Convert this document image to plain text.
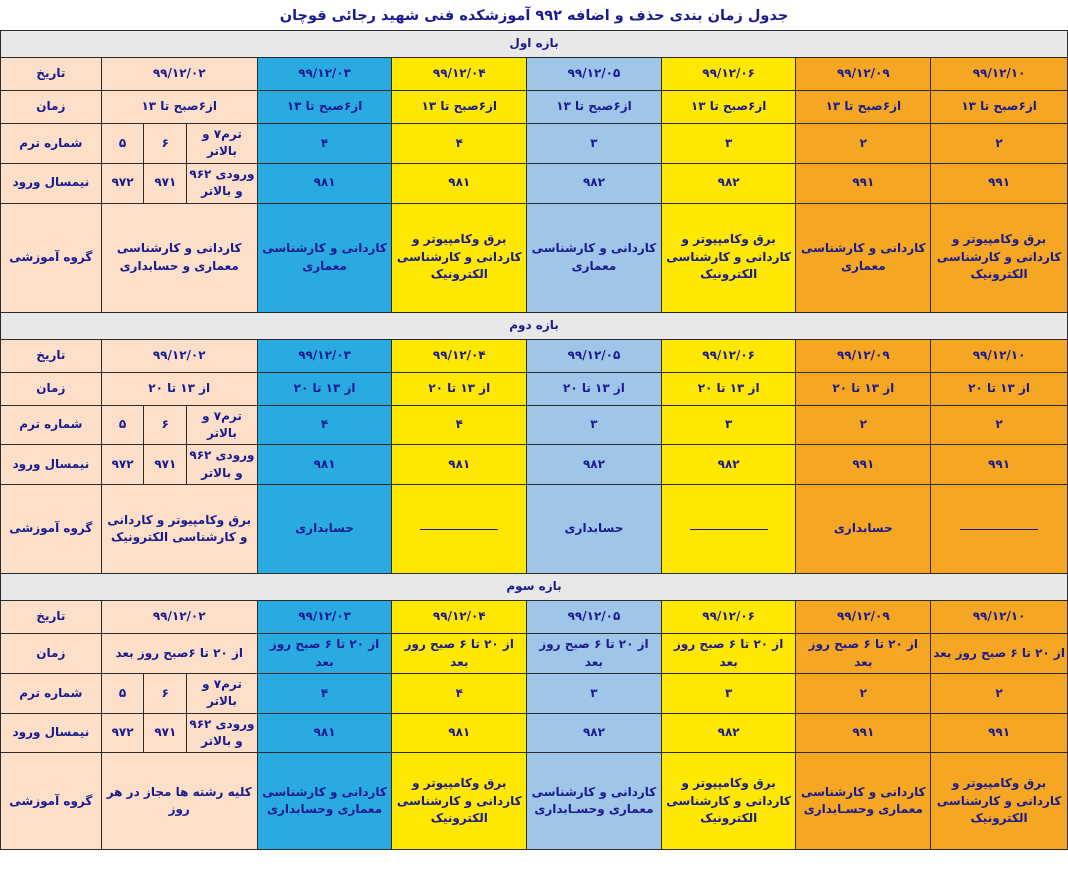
جدول زمان بندی حذف و اضافه ۹۹۲ آموزشکده فنی شهید رجائی قوچان
بازه اول									
۹۹/۱۲/۱۰	۹۹/۱۲/۰۹	۹۹/۱۲/۰۶	۹۹/۱۲/۰۵	۹۹/۱۲/۰۴	۹۹/۱۲/۰۳	۹۹/۱۲/۰۲			تاریخ
از۶صبح تا ۱۳	از۶صبح تا ۱۳	از۶صبح تا ۱۳	از۶صبح تا ۱۳	از۶صبح تا ۱۳	از۶صبح تا ۱۳	از۶صبح تا ۱۳			زمان
۲	۲	۳	۳	۴	۴	ترم۷ و بالاتر	۶	۵	شماره ترم
۹۹۱	۹۹۱	۹۸۲	۹۸۲	۹۸۱	۹۸۱	ورودی ۹۶۲ و بالاتر	۹۷۱	۹۷۲	نیمسال ورود
برق وکامپیوتر و کاردانی و کارشناسی الکترونیک	کاردانی و کارشناسی معماری	برق وکامپیوتر و کاردانی و کارشناسی الکترونیک	کاردانی و کارشناسی معماری	برق وکامپیوتر و کاردانی و کارشناسی الکترونیک	کاردانی و کارشناسی معماری	کاردانی و کارشناسی معماری و حسابداری			گروه آموزشی
بازه دوم									
۹۹/۱۲/۱۰	۹۹/۱۲/۰۹	۹۹/۱۲/۰۶	۹۹/۱۲/۰۵	۹۹/۱۲/۰۴	۹۹/۱۲/۰۳	۹۹/۱۲/۰۲			تاریخ
از ۱۳ تا ۲۰	از ۱۳ تا ۲۰	از ۱۳ تا ۲۰	از ۱۳ تا ۲۰	از ۱۳ تا ۲۰	از ۱۳ تا ۲۰	از ۱۳ تا ۲۰			زمان
۲	۲	۳	۳	۴	۴	ترم۷ و بالاتر	۶	۵	شماره ترم
۹۹۱	۹۹۱	۹۸۲	۹۸۲	۹۸۱	۹۸۱	ورودی ۹۶۲ و بالاتر	۹۷۱	۹۷۲	نیمسال ورود
	حسابداری		حسابداری		حسابداری	برق وکامپیوتر و کاردانی و کارشناسی الکترونیک			گروه آموزشی
بازه سوم									
۹۹/۱۲/۱۰	۹۹/۱۲/۰۹	۹۹/۱۲/۰۶	۹۹/۱۲/۰۵	۹۹/۱۲/۰۴	۹۹/۱۲/۰۳	۹۹/۱۲/۰۲			تاریخ
از ۲۰ تا ۶ صبح روز بعد	از ۲۰ تا ۶ صبح روز بعد	از ۲۰ تا ۶ صبح روز بعد	از ۲۰ تا ۶ صبح روز بعد	از ۲۰ تا ۶ صبح روز بعد	از ۲۰ تا ۶ صبح روز بعد	از ۲۰ تا ۶صبح روز بعد			زمان
۲	۲	۳	۳	۴	۴	ترم۷ و بالاتر	۶	۵	شماره ترم
۹۹۱	۹۹۱	۹۸۲	۹۸۲	۹۸۱	۹۸۱	ورودی ۹۶۲ و بالاتر	۹۷۱	۹۷۲	نیمسال ورود
برق وکامپیوتر و کاردانی و کارشناسی الکترونیک	کاردانی و کارشناسی معماری وحسـابداری	برق وکامپیوتر و کاردانی و کارشناسی الکترونیک	کاردانی و کارشناسی معماری وحسـابداری	برق وکامپیوتر و کاردانی و کارشناسی الکترونیک	کاردانی و کارشناسی معماری وحسابداری	کلیه رشته ها مجاز در هر روز			گروه آموزشی
